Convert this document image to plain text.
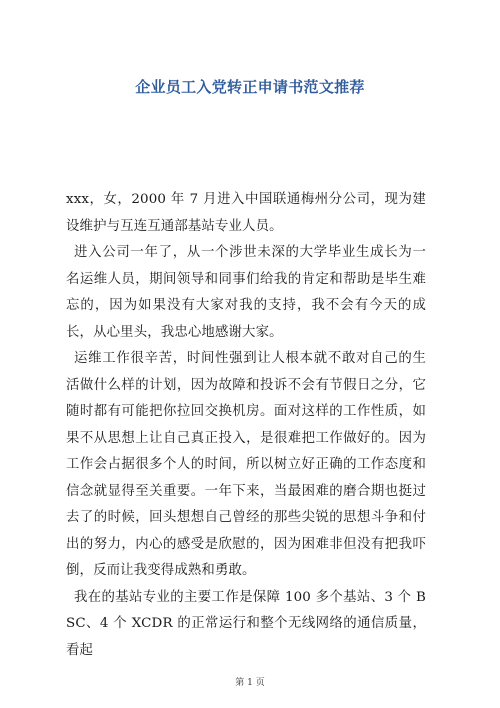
企业员工入党转正申请书范文推荐

xxx，女，2000 年 7 月进入中国联通梅州分公司，现为建设维护与互连互通部基站专业人员。

进入公司一年了，从一个涉世未深的大学毕业生成长为一名运维人员，期间领导和同事们给我的肯定和帮助是毕生难忘的，因为如果没有大家对我的支持，我不会有今天的成长，从心里头，我忠心地感谢大家。

运维工作很辛苦，时间性强到让人根本就不敢对自己的生活做什么样的计划，因为故障和投诉不会有节假日之分，它随时都有可能把你拉回交换机房。面对这样的工作性质，如果不从思想上让自己真正投入，是很难把工作做好的。因为工作会占据很多个人的时间，所以树立好正确的工作态度和信念就显得至关重要。一年下来，当最困难的磨合期也挺过去了的时候，回头想想自己曾经的那些尖锐的思想斗争和付出的努力，内心的感受是欣慰的，因为困难非但没有把我吓倒，反而让我变得成熟和勇敢。

我在的基站专业的主要工作是保障 100 多个基站、3 个 BSC、4 个 XCDR 的正常运行和整个无线网络的通信质量，看起

第 1 页
